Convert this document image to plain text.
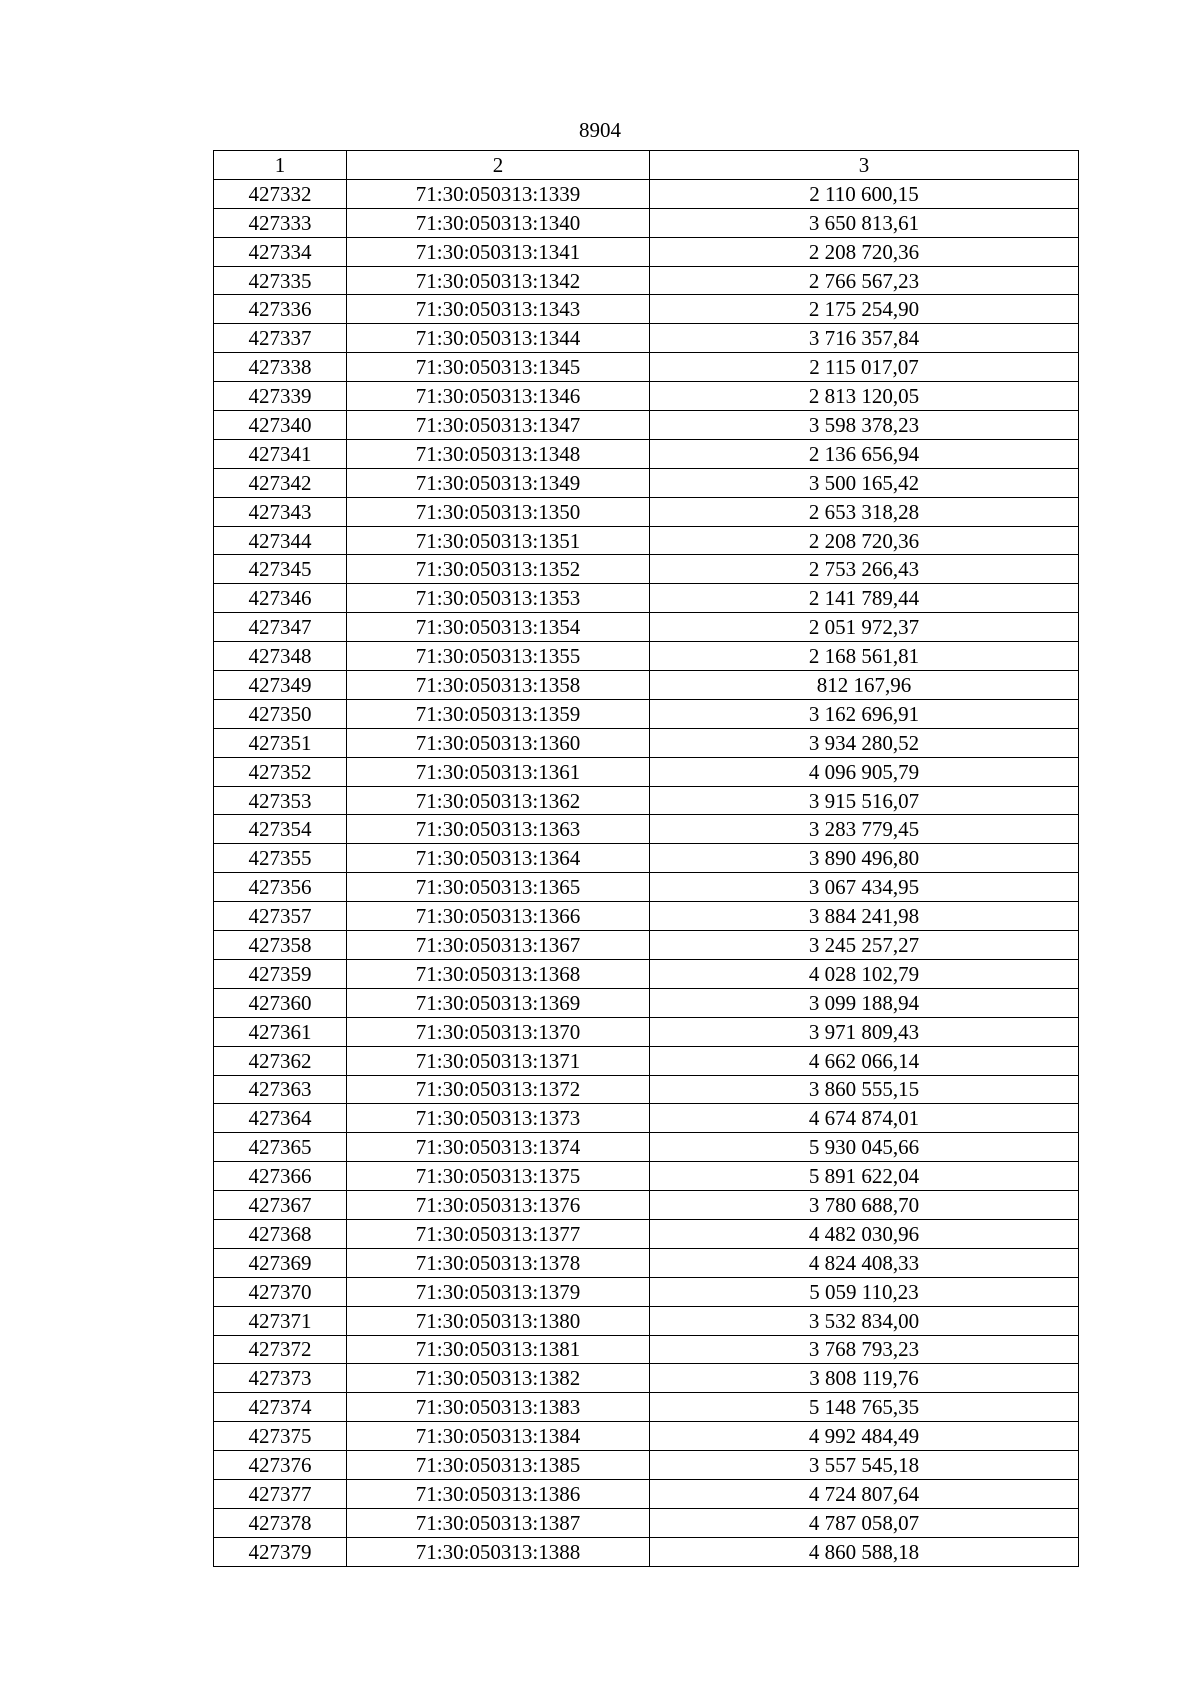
8904
1	2	3
427332	71:30:050313:1339	2 110 600,15
427333	71:30:050313:1340	3 650 813,61
427334	71:30:050313:1341	2 208 720,36
427335	71:30:050313:1342	2 766 567,23
427336	71:30:050313:1343	2 175 254,90
427337	71:30:050313:1344	3 716 357,84
427338	71:30:050313:1345	2 115 017,07
427339	71:30:050313:1346	2 813 120,05
427340	71:30:050313:1347	3 598 378,23
427341	71:30:050313:1348	2 136 656,94
427342	71:30:050313:1349	3 500 165,42
427343	71:30:050313:1350	2 653 318,28
427344	71:30:050313:1351	2 208 720,36
427345	71:30:050313:1352	2 753 266,43
427346	71:30:050313:1353	2 141 789,44
427347	71:30:050313:1354	2 051 972,37
427348	71:30:050313:1355	2 168 561,81
427349	71:30:050313:1358	812 167,96
427350	71:30:050313:1359	3 162 696,91
427351	71:30:050313:1360	3 934 280,52
427352	71:30:050313:1361	4 096 905,79
427353	71:30:050313:1362	3 915 516,07
427354	71:30:050313:1363	3 283 779,45
427355	71:30:050313:1364	3 890 496,80
427356	71:30:050313:1365	3 067 434,95
427357	71:30:050313:1366	3 884 241,98
427358	71:30:050313:1367	3 245 257,27
427359	71:30:050313:1368	4 028 102,79
427360	71:30:050313:1369	3 099 188,94
427361	71:30:050313:1370	3 971 809,43
427362	71:30:050313:1371	4 662 066,14
427363	71:30:050313:1372	3 860 555,15
427364	71:30:050313:1373	4 674 874,01
427365	71:30:050313:1374	5 930 045,66
427366	71:30:050313:1375	5 891 622,04
427367	71:30:050313:1376	3 780 688,70
427368	71:30:050313:1377	4 482 030,96
427369	71:30:050313:1378	4 824 408,33
427370	71:30:050313:1379	5 059 110,23
427371	71:30:050313:1380	3 532 834,00
427372	71:30:050313:1381	3 768 793,23
427373	71:30:050313:1382	3 808 119,76
427374	71:30:050313:1383	5 148 765,35
427375	71:30:050313:1384	4 992 484,49
427376	71:30:050313:1385	3 557 545,18
427377	71:30:050313:1386	4 724 807,64
427378	71:30:050313:1387	4 787 058,07
427379	71:30:050313:1388	4 860 588,18
